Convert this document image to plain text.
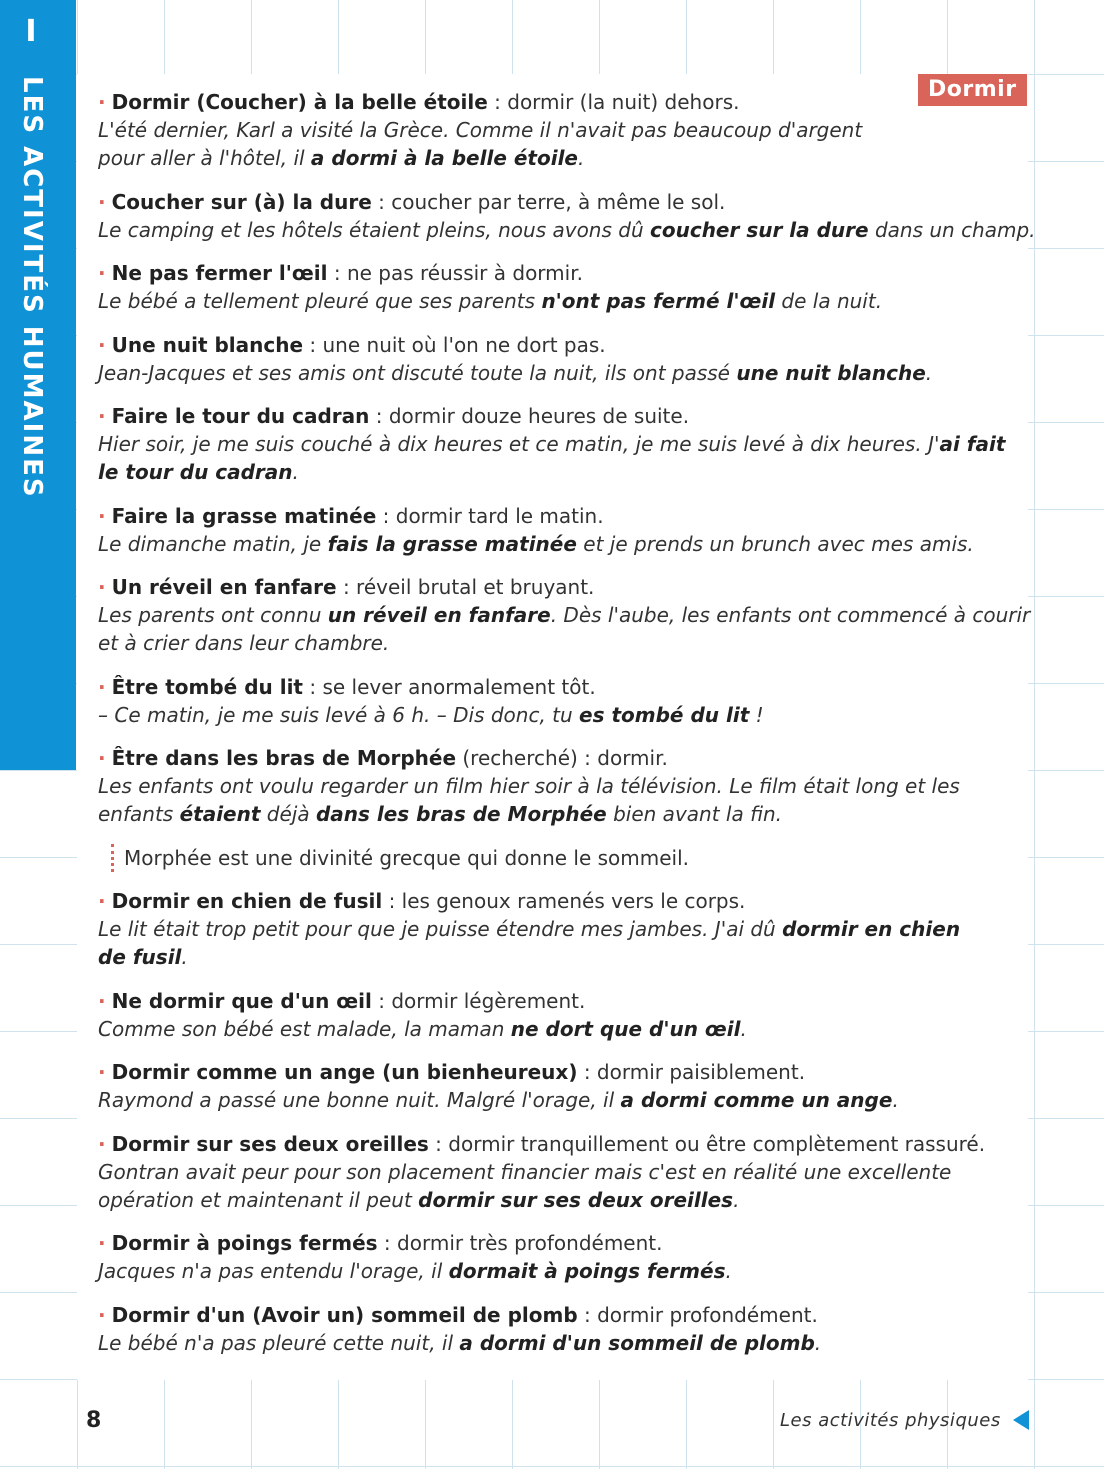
I
LES ACTIVITÉS HUMAINES	Dormir
· Dormir (Coucher) à la belle étoile : dormir (la nuit) dehors.
L'été dernier, Karl a visité la Grèce. Comme il n'avait pas beaucoup d'argent
pour aller à l'hôtel, il a dormi à la belle étoile.
· Coucher sur (à) la dure : coucher par terre, à même le sol.
Le camping et les hôtels étaient pleins, nous avons dû coucher sur la dure dans un champ.
· Ne pas fermer l'œil : ne pas réussir à dormir.
Le bébé a tellement pleuré que ses parents n'ont pas fermé l'œil de la nuit.
· Une nuit blanche : une nuit où l'on ne dort pas.
Jean-Jacques et ses amis ont discuté toute la nuit, ils ont passé une nuit blanche.
· Faire le tour du cadran : dormir douze heures de suite.
Hier soir, je me suis couché à dix heures et ce matin, je me suis levé à dix heures. J'ai fait
le tour du cadran.
· Faire la grasse matinée : dormir tard le matin.
Le dimanche matin, je fais la grasse matinée et je prends un brunch avec mes amis.
· Un réveil en fanfare : réveil brutal et bruyant.
Les parents ont connu un réveil en fanfare. Dès l'aube, les enfants ont commencé à courir
et à crier dans leur chambre.
· Être tombé du lit : se lever anormalement tôt.
– Ce matin, je me suis levé à 6 h. – Dis donc, tu es tombé du lit !
· Être dans les bras de Morphée (recherché) : dormir.
Les enfants ont voulu regarder un film hier soir à la télévision. Le film était long et les
enfants étaient déjà dans les bras de Morphée bien avant la fin.
Morphée est une divinité grecque qui donne le sommeil.
· Dormir en chien de fusil : les genoux ramenés vers le corps.
Le lit était trop petit pour que je puisse étendre mes jambes. J'ai dû dormir en chien
de fusil.
· Ne dormir que d'un œil : dormir légèrement.
Comme son bébé est malade, la maman ne dort que d'un œil.
· Dormir comme un ange (un bienheureux) : dormir paisiblement.
Raymond a passé une bonne nuit. Malgré l'orage, il a dormi comme un ange.
· Dormir sur ses deux oreilles : dormir tranquillement ou être complètement rassuré.
Gontran avait peur pour son placement financier mais c'est en réalité une excellente
opération et maintenant il peut dormir sur ses deux oreilles.
· Dormir à poings fermés : dormir très profondément.
Jacques n'a pas entendu l'orage, il dormait à poings fermés.
· Dormir d'un (Avoir un) sommeil de plomb : dormir profondément.
Le bébé n'a pas pleuré cette nuit, il a dormi d'un sommeil de plomb.
8	Les activités physiques
